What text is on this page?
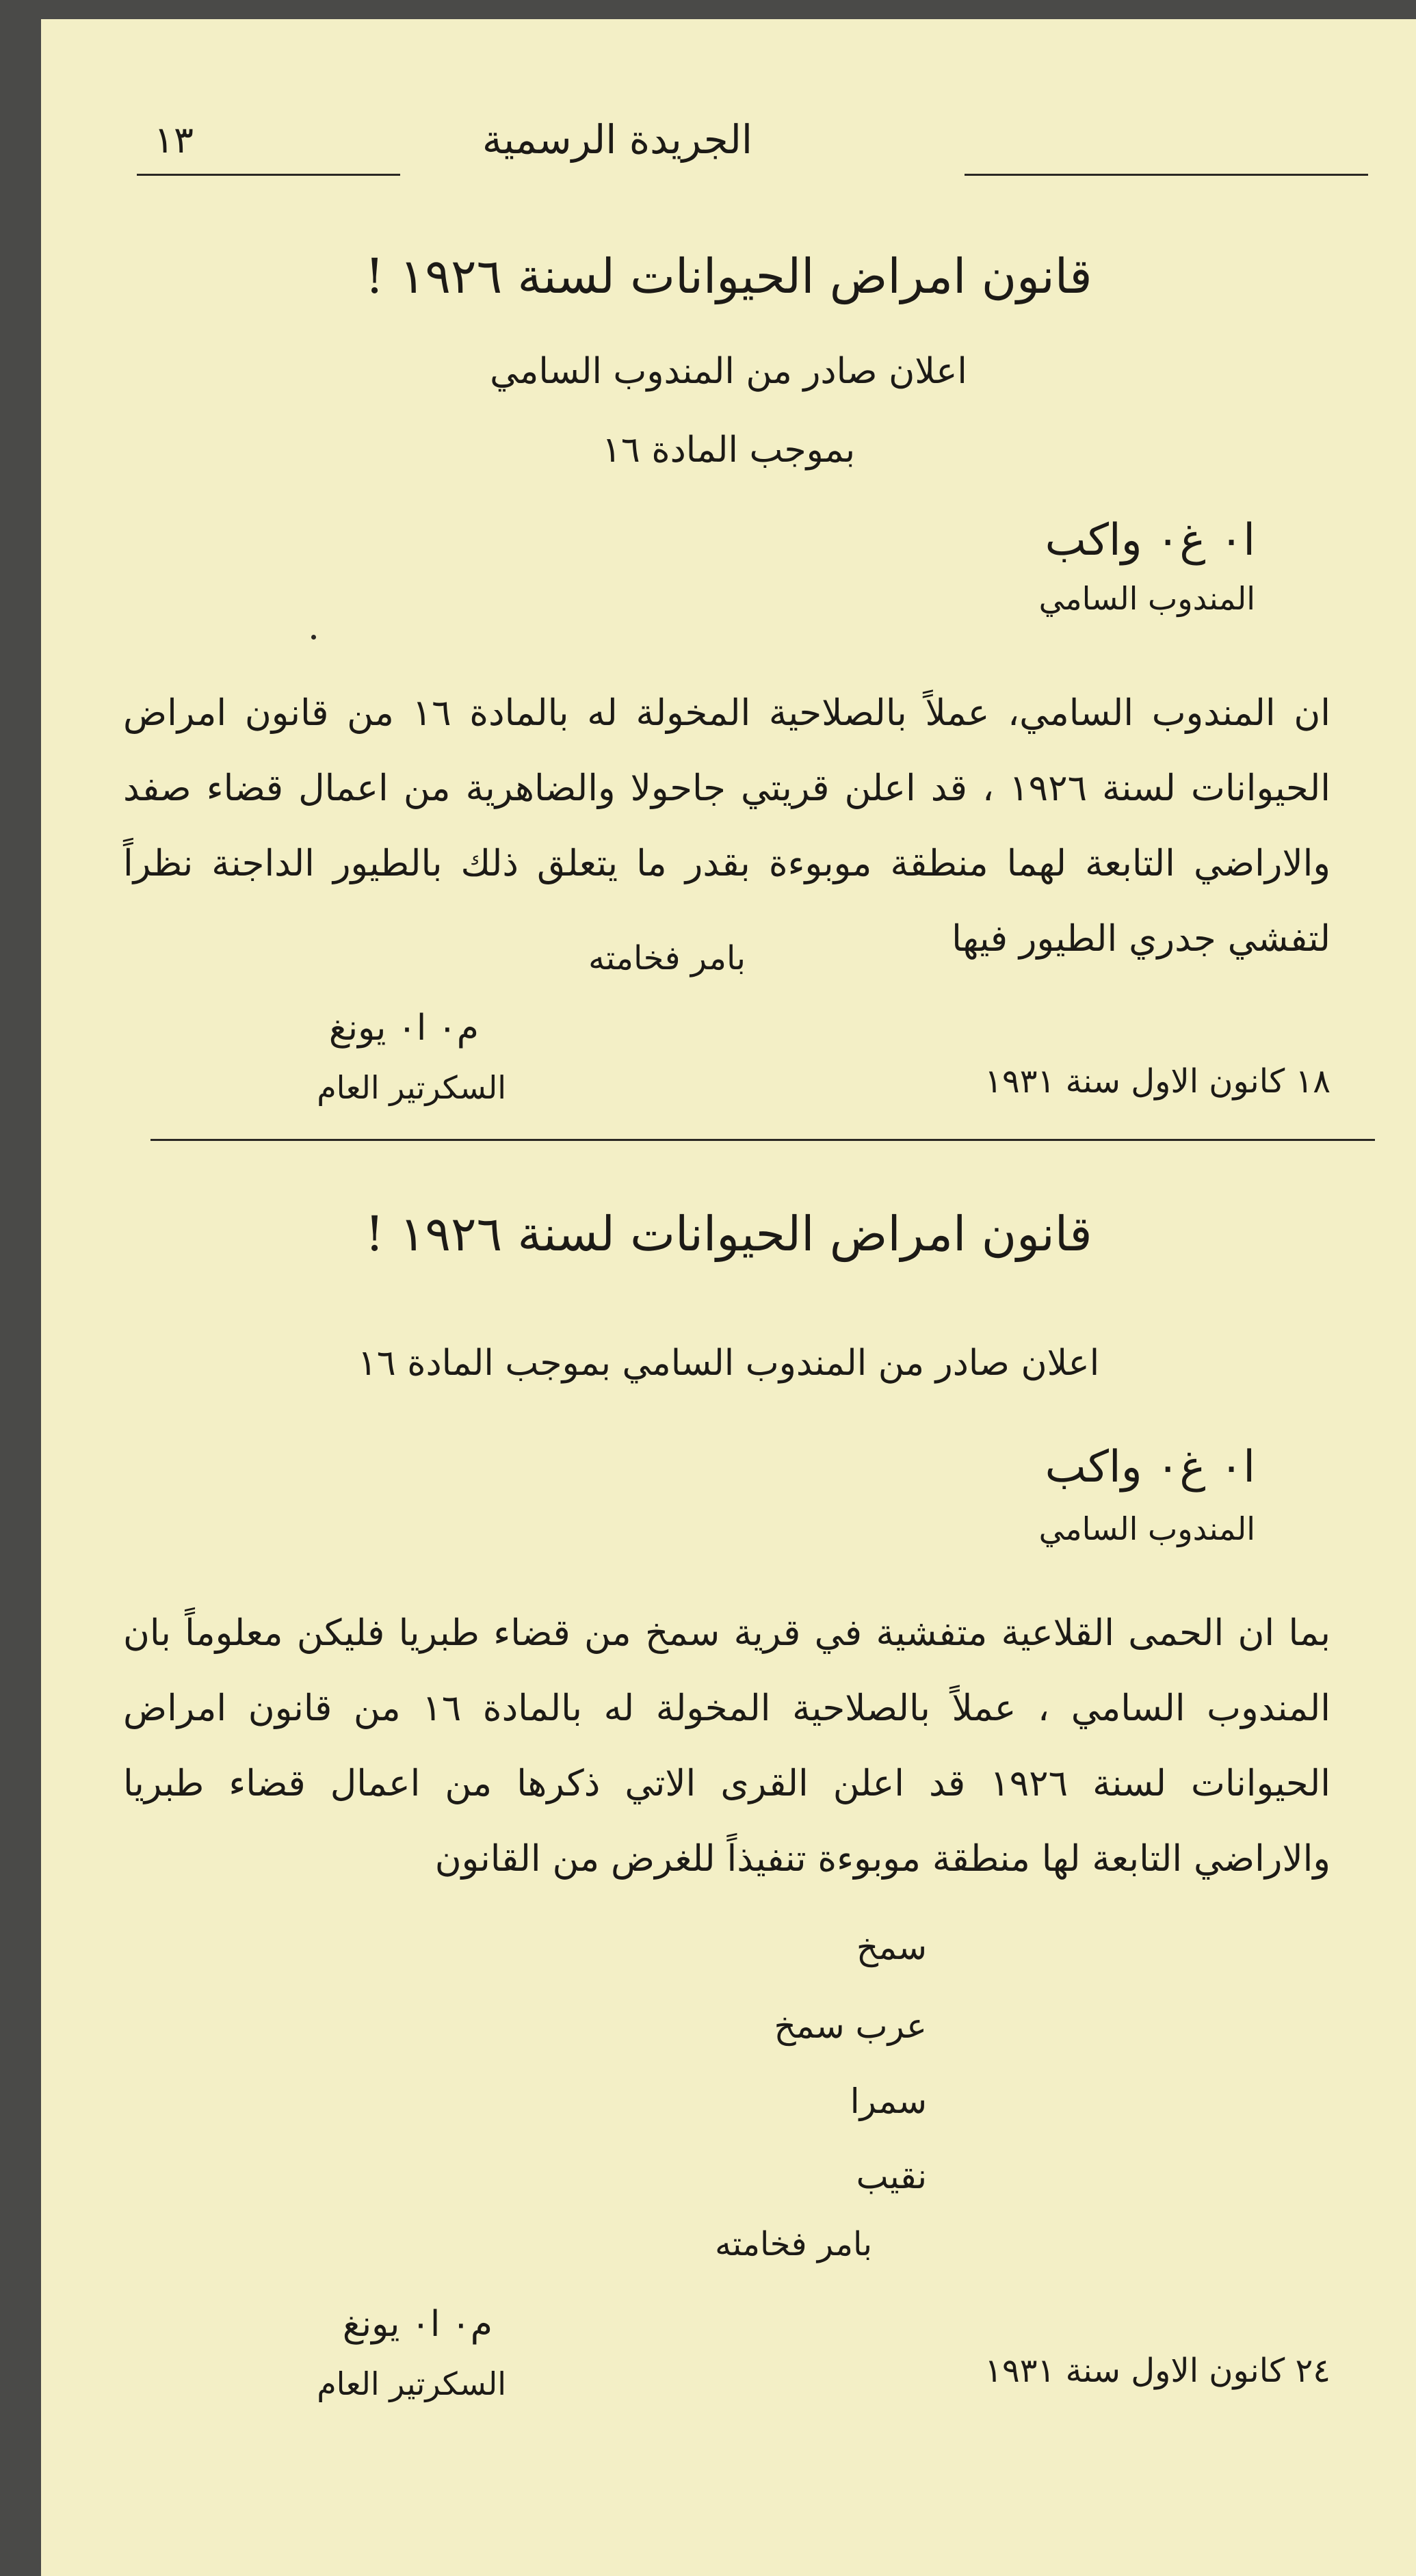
الجريدة الرسمية
١٣
قانون امراض الحيوانات لسنة ١٩٢٦ !
اعلان صادر من المندوب السامي
بموجب المادة ١٦
ا٠ غ٠ واكب
المندوب السامي
ان المندوب السامي، عملاً بالصلاحية المخولة له بالمادة ١٦ من قانون امراض الحيوانات لسنة ١٩٢٦ ، قد اعلن قريتي جاحولا والضاهرية من اعمال قضاء صفد والاراضي التابعة لهما منطقة موبوءة بقدر ما يتعلق ذلك بالطيور الداجنة نظراً لتفشي جدري الطيور فيها
بامر فخامته
م٠ ا٠ يونغ
السكرتير العام	١٨ كانون الاول سنة ١٩٣١
قانون امراض الحيوانات لسنة ١٩٢٦ !
اعلان صادر من المندوب السامي بموجب المادة ١٦
ا٠ غ٠ واكب
المندوب السامي
بما ان الحمى القلاعية متفشية في قرية سمخ من قضاء طبريا فليكن معلوماً بان المندوب السامي ، عملاً بالصلاحية المخولة له بالمادة ١٦ من قانون امراض الحيوانات لسنة ١٩٢٦ قد اعلن القرى الاتي ذكرها من اعمال قضاء طبريا والاراضي التابعة لها منطقة موبوءة تنفيذاً للغرض من القانون
سمخ
عرب سمخ
سمرا
نقيب
بامر فخامته
م٠ ا٠ يونغ
السكرتير العام	٢٤ كانون الاول سنة ١٩٣١
